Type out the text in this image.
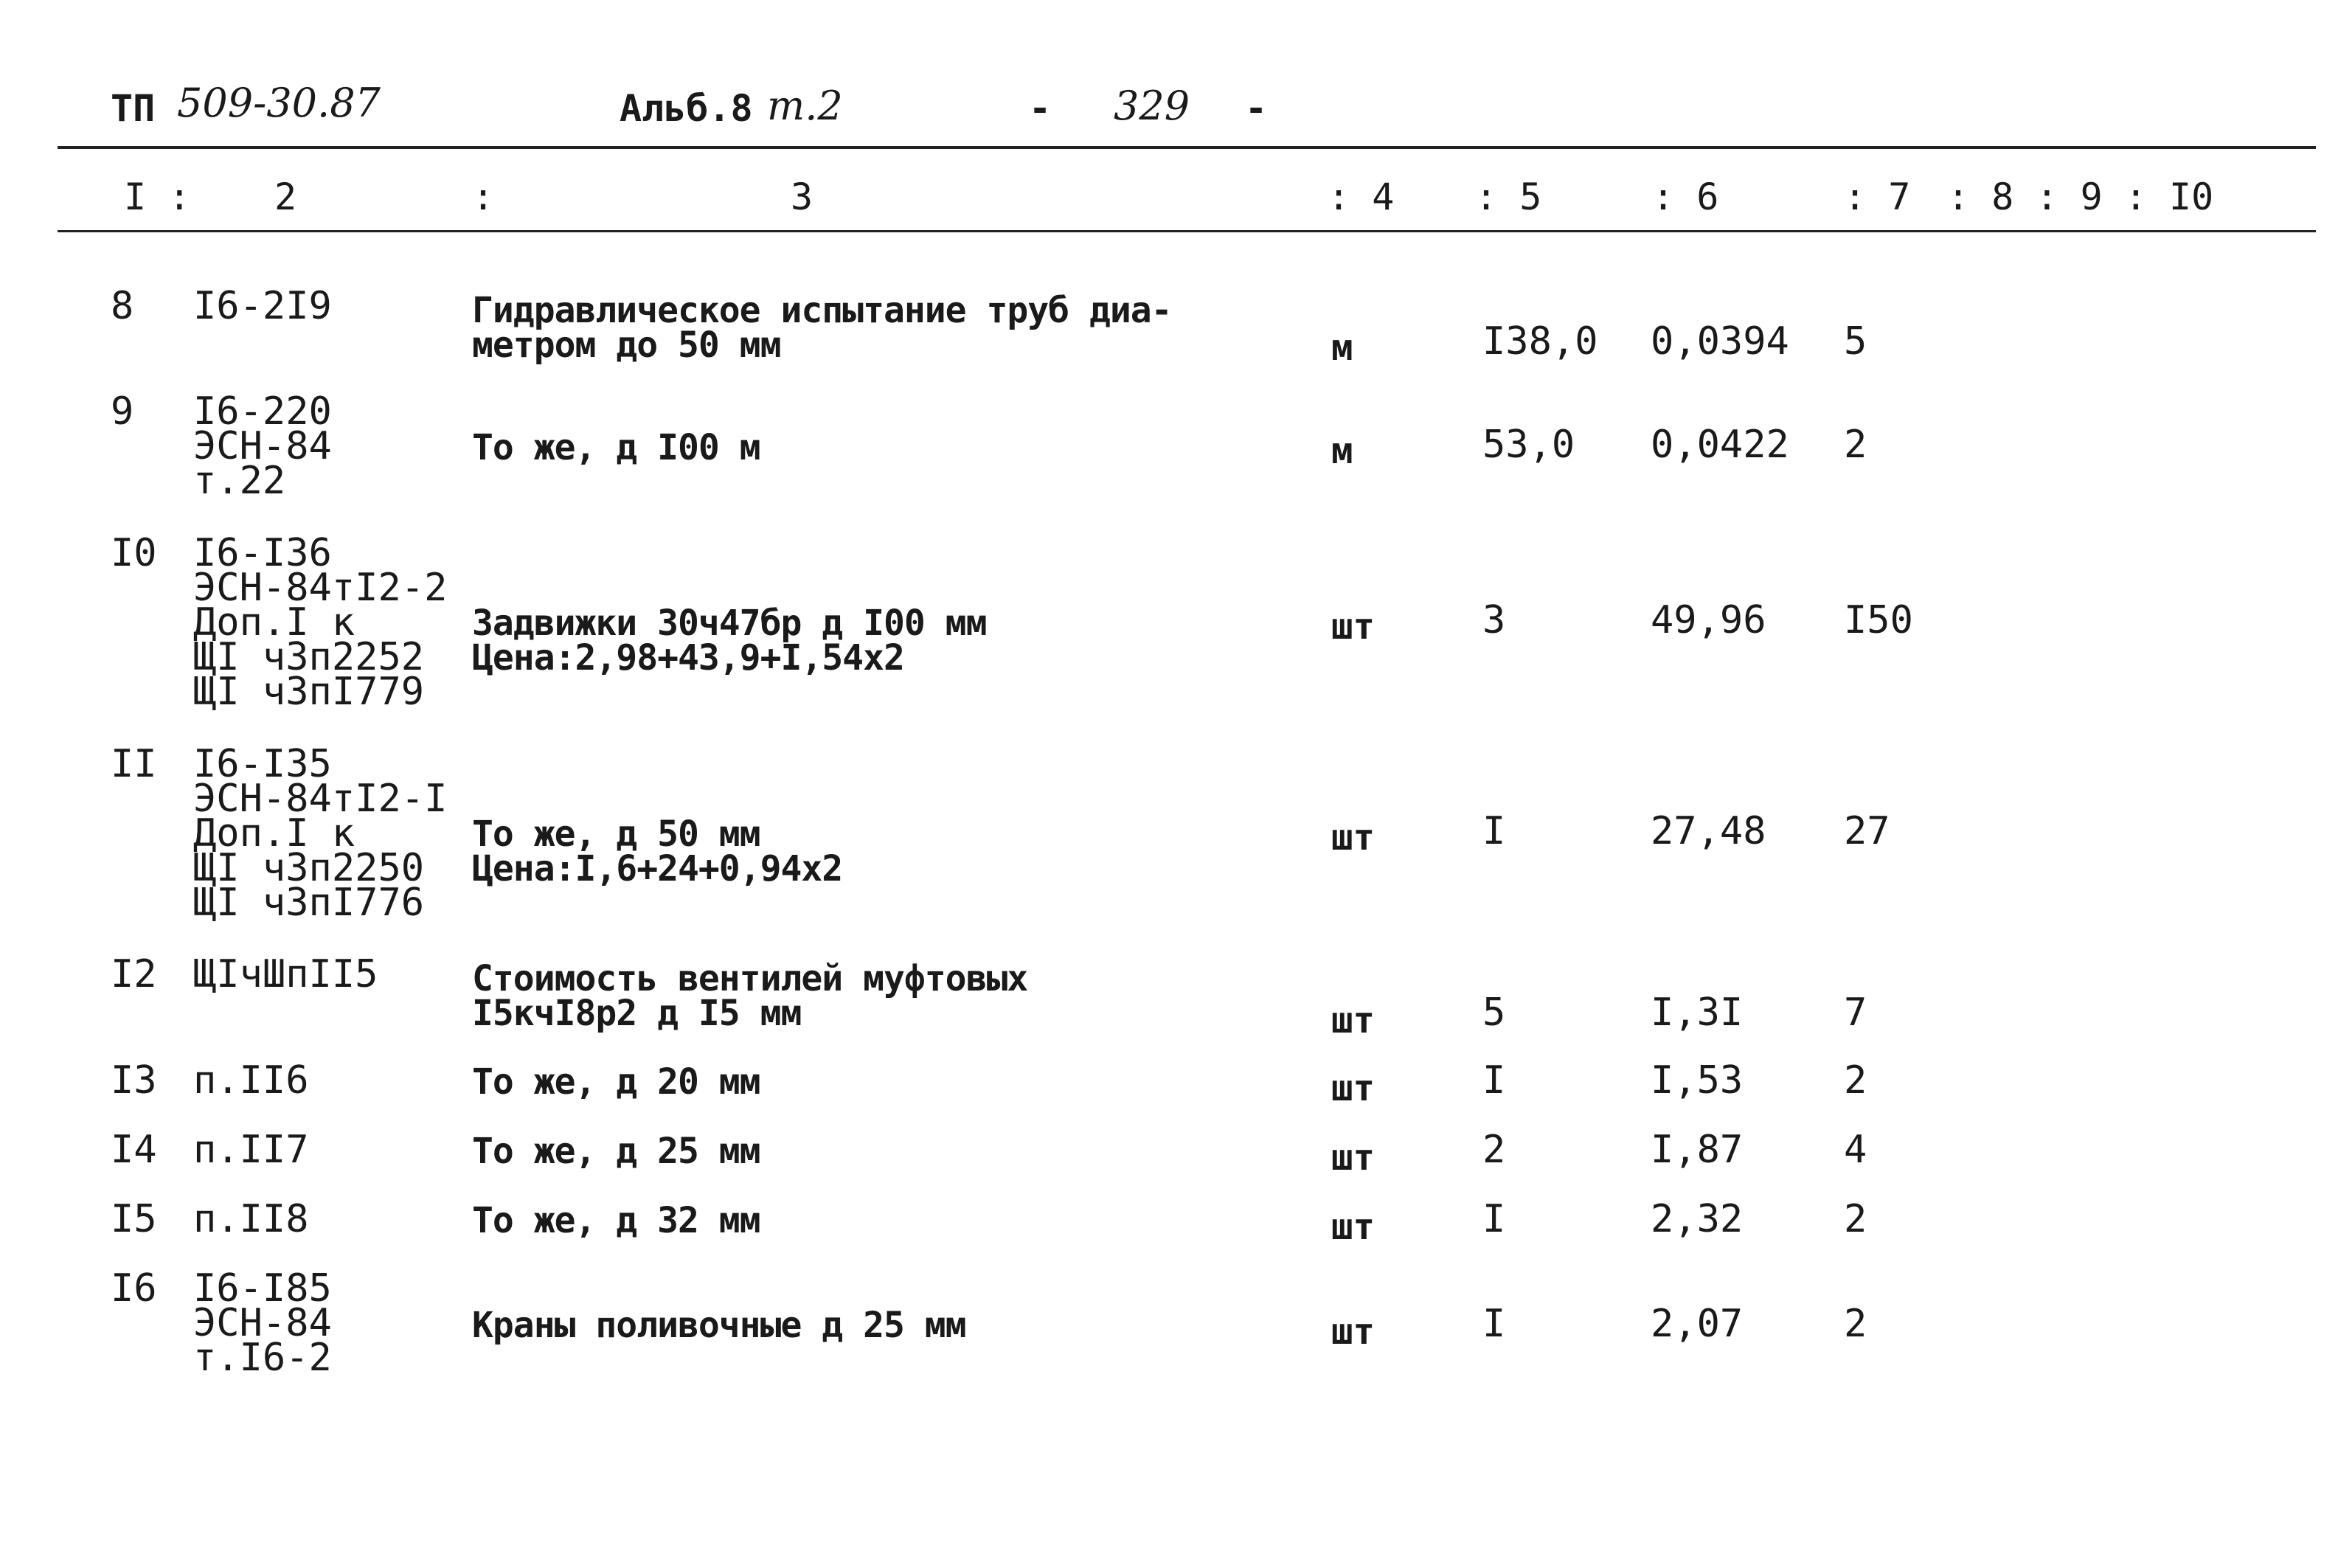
ТП 509-30.87	Альб.8 т.2	- 329 -
I : 2	:	3	: 4 : 5	: 6	: 7 : 8 : 9 : I0
8 I6-2I9	Гидравлическое испытание труб диа-
метром до 50 мм	м	I38,0 0,0394 5
9 I6-220
ЭСН-84
т.22
То же, д I00 м	м	53,0 0,0422 2
I0 I6-I36
ЭСН-84тI2-2
Доп.I к
ЩI ч3п2252
ЩI ч3пI779
Задвижки 30ч47бр д I00 мм
Цена:2,98+43,9+I,54x2
шт	3	49,96 I50
II I6-I35
ЭСН-84тI2-I
Доп.I к
ЩI ч3п2250
ЩI ч3пI776
То же, д 50 мм
Цена:I,6+24+0,94x2
шт	I	27,48 27
I2 ЩIчШпII5	Стоимость вентилей муфтовых
I5кчI8р2 д I5 мм	шт	5	I,3I	7
I3 п.II6	То же, д 20 мм	шт	I	I,53	2
I4 п.II7	То же, д 25 мм	шт	2	I,87	4
I5 п.II8	То же, д 32 мм	шт	I	2,32	2
I6 I6-I85
ЭСН-84
т.I6-2
Краны поливочные д 25 мм	шт	I	2,07	2
